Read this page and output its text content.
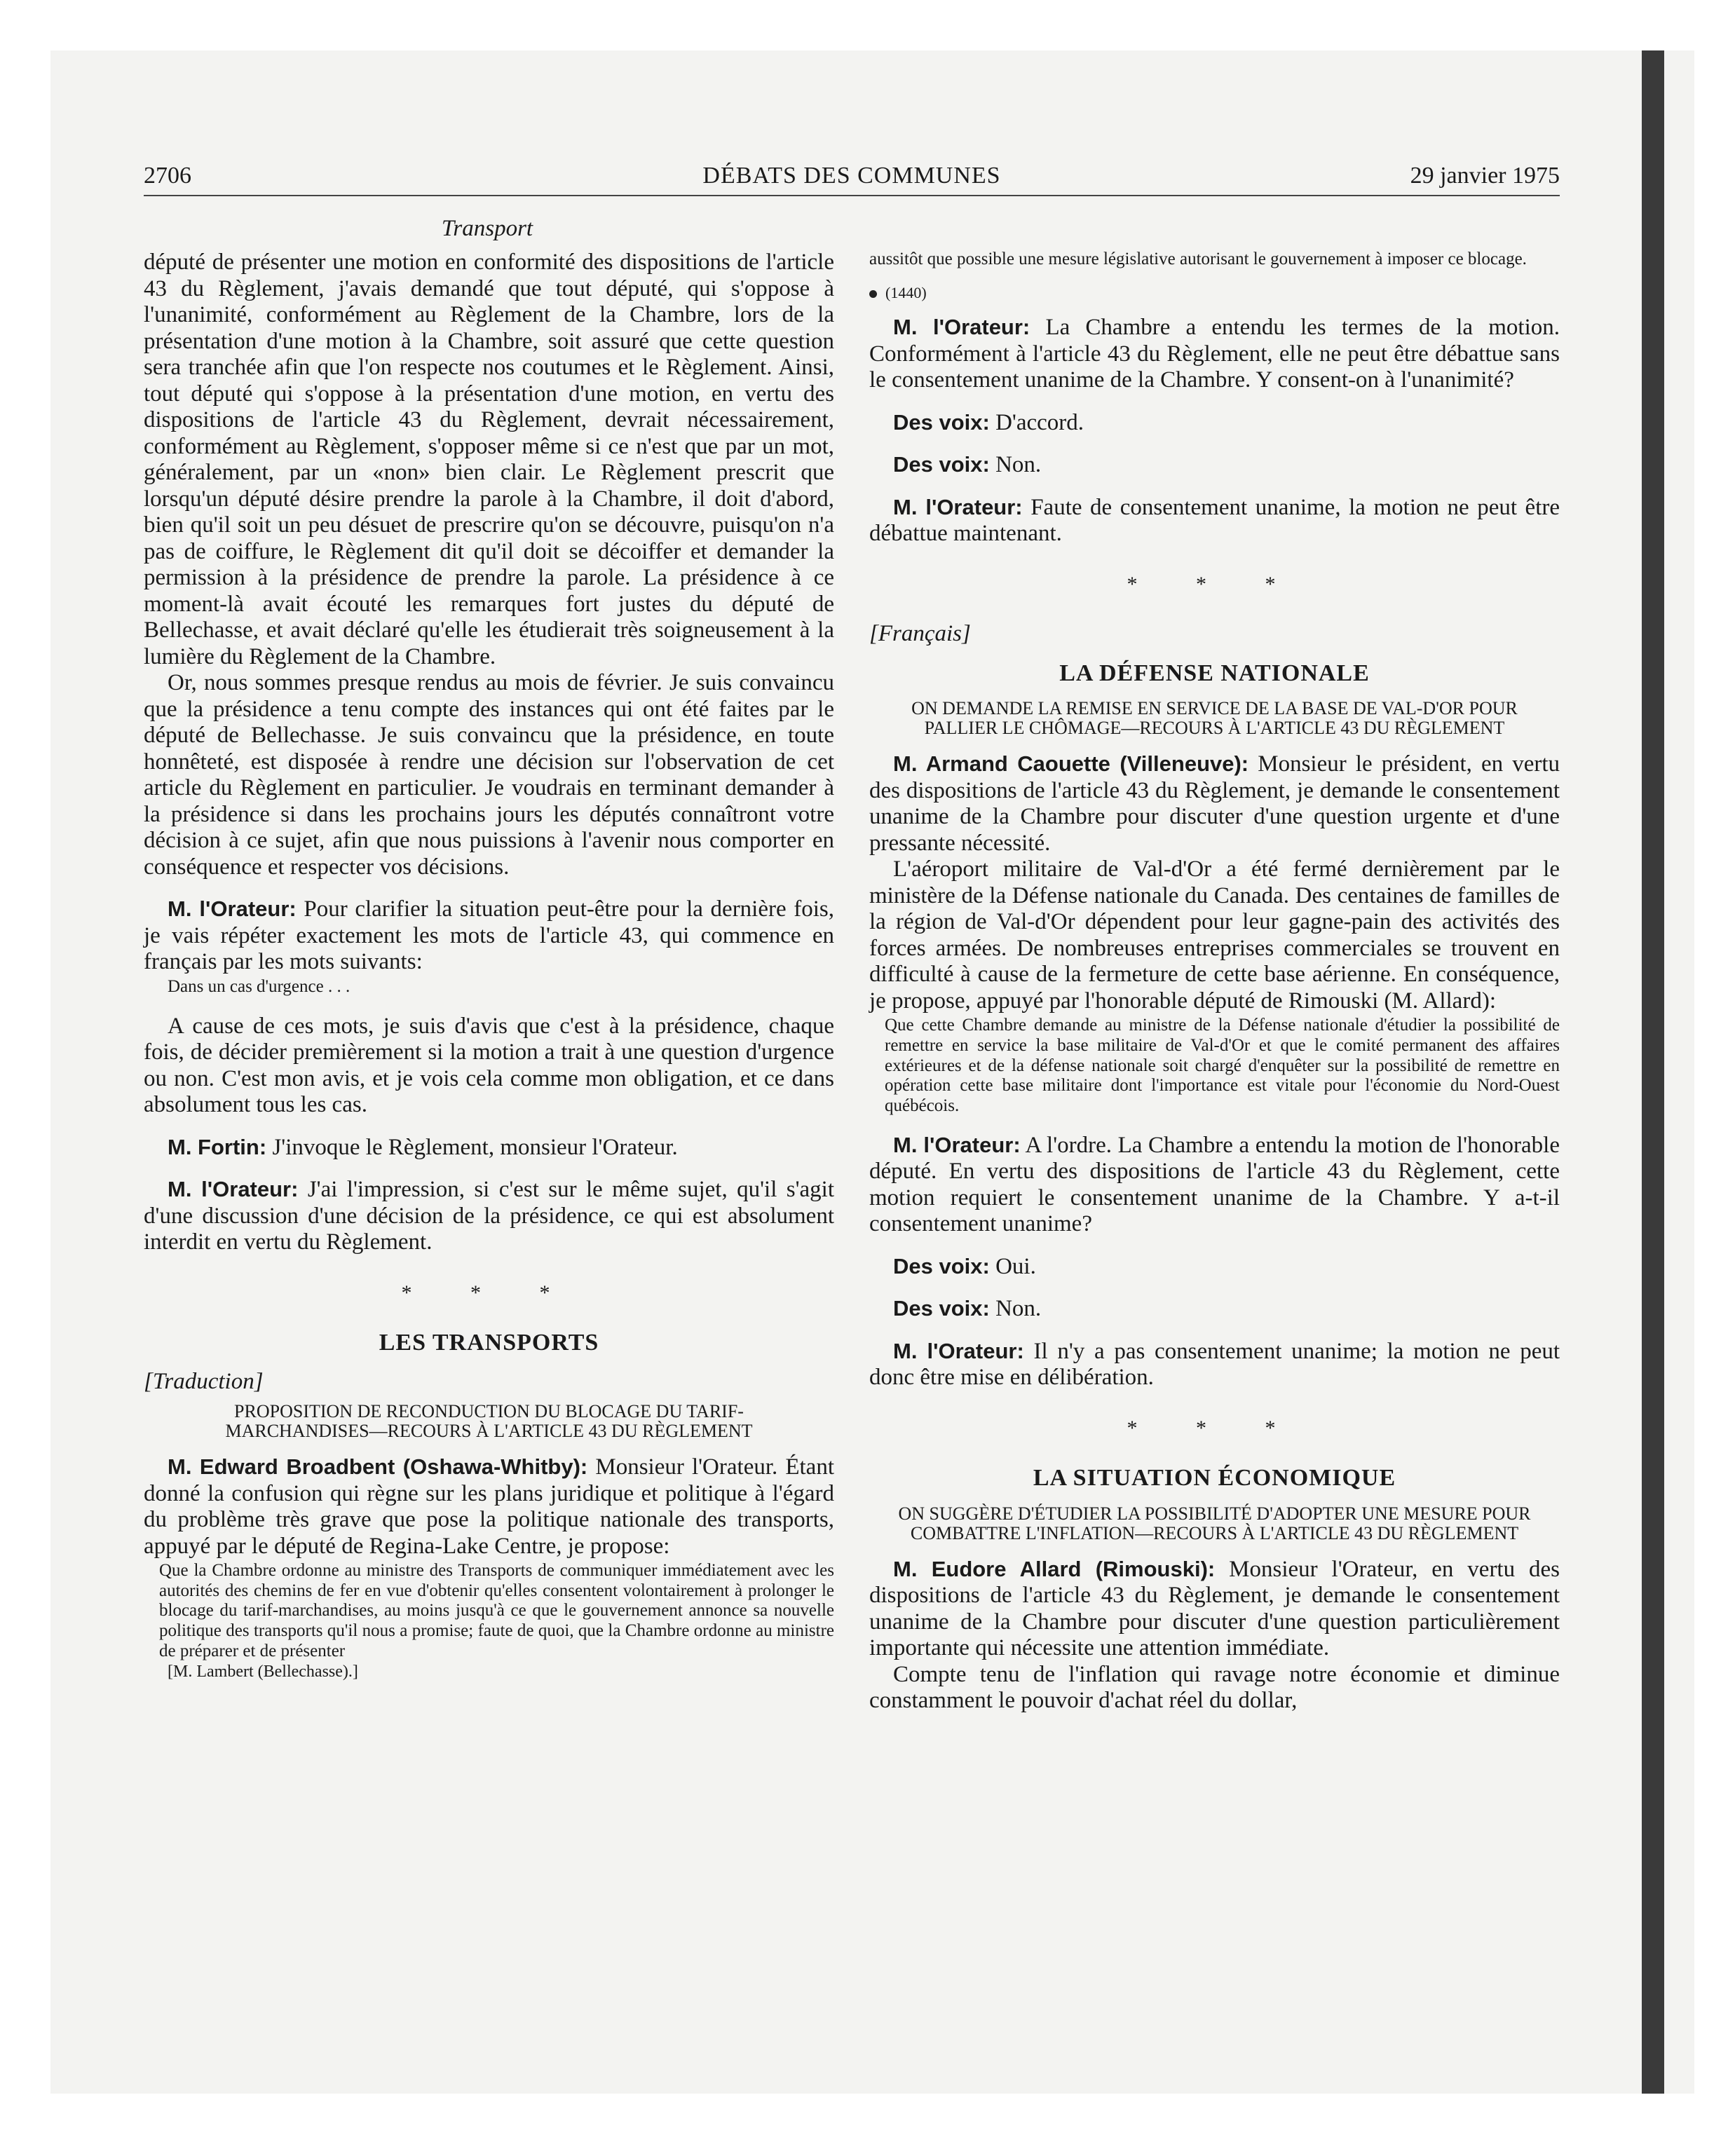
2706	DÉBATS DES COMMUNES	29 janvier 1975
Transport

député de présenter une motion en conformité des dispositions de l'article 43 du Règlement, j'avais demandé que tout député, qui s'oppose à l'unanimité, conformément au Règlement de la Chambre, lors de la présentation d'une motion à la Chambre, soit assuré que cette question sera tranchée afin que l'on respecte nos coutumes et le Règlement. Ainsi, tout député qui s'oppose à la présentation d'une motion, en vertu des dispositions de l'article 43 du Règlement, devrait nécessairement, conformément au Règlement, s'opposer même si ce n'est que par un mot, généralement, par un «non» bien clair. Le Règlement prescrit que lorsqu'un député désire prendre la parole à la Chambre, il doit d'abord, bien qu'il soit un peu désuet de prescrire qu'on se découvre, puisqu'on n'a pas de coiffure, le Règlement dit qu'il doit se décoiffer et demander la permission à la présidence de prendre la parole. La présidence à ce moment-là avait écouté les remarques fort justes du député de Bellechasse, et avait déclaré qu'elle les étudierait très soigneusement à la lumière du Règlement de la Chambre.

Or, nous sommes presque rendus au mois de février. Je suis convaincu que la présidence a tenu compte des instances qui ont été faites par le député de Bellechasse. Je suis convaincu que la présidence, en toute honnêteté, est disposée à rendre une décision sur l'observation de cet article du Règlement en particulier. Je voudrais en terminant demander à la présidence si dans les prochains jours les députés connaîtront votre décision à ce sujet, afin que nous puissions à l'avenir nous comporter en conséquence et respecter vos décisions.

M. l'Orateur: Pour clarifier la situation peut-être pour la dernière fois, je vais répéter exactement les mots de l'article 43, qui commence en français par les mots suivants:

Dans un cas d'urgence . . .

A cause de ces mots, je suis d'avis que c'est à la présidence, chaque fois, de décider premièrement si la motion a trait à une question d'urgence ou non. C'est mon avis, et je vois cela comme mon obligation, et ce dans absolument tous les cas.

M. Fortin: J'invoque le Règlement, monsieur l'Orateur.

M. l'Orateur: J'ai l'impression, si c'est sur le même sujet, qu'il s'agit d'une discussion d'une décision de la présidence, ce qui est absolument interdit en vertu du Règlement.

* * *
LES TRANSPORTS
[Traduction]
PROPOSITION DE RECONDUCTION DU BLOCAGE DU TARIF-MARCHANDISES—RECOURS À L'ARTICLE 43 DU RÈGLEMENT

M. Edward Broadbent (Oshawa-Whitby): Monsieur l'Orateur. Étant donné la confusion qui règne sur les plans juridique et politique à l'égard du problème très grave que pose la politique nationale des transports, appuyé par le député de Regina-Lake Centre, je propose:

Que la Chambre ordonne au ministre des Transports de communiquer immédiatement avec les autorités des chemins de fer en vue d'obtenir qu'elles consentent volontairement à prolonger le blocage du tarif-marchandises, au moins jusqu'à ce que le gouvernement annonce sa nouvelle politique des transports qu'il nous a promise; faute de quoi, que la Chambre ordonne au ministre de préparer et de présenter

[M. Lambert (Bellechasse).]

aussitôt que possible une mesure législative autorisant le gouvernement à imposer ce blocage.

(1440)

M. l'Orateur: La Chambre a entendu les termes de la motion. Conformément à l'article 43 du Règlement, elle ne peut être débattue sans le consentement unanime de la Chambre. Y consent-on à l'unanimité?

Des voix: D'accord.

Des voix: Non.

M. l'Orateur: Faute de consentement unanime, la motion ne peut être débattue maintenant.

* * *
[Français]
LA DÉFENSE NATIONALE
ON DEMANDE LA REMISE EN SERVICE DE LA BASE DE VAL-D'OR POUR PALLIER LE CHÔMAGE—RECOURS À L'ARTICLE 43 DU RÈGLEMENT

M. Armand Caouette (Villeneuve): Monsieur le président, en vertu des dispositions de l'article 43 du Règlement, je demande le consentement unanime de la Chambre pour discuter d'une question urgente et d'une pressante nécessité.

L'aéroport militaire de Val-d'Or a été fermé dernièrement par le ministère de la Défense nationale du Canada. Des centaines de familles de la région de Val-d'Or dépendent pour leur gagne-pain des activités des forces armées. De nombreuses entreprises commerciales se trouvent en difficulté à cause de la fermeture de cette base aérienne. En conséquence, je propose, appuyé par l'honorable député de Rimouski (M. Allard):

Que cette Chambre demande au ministre de la Défense nationale d'étudier la possibilité de remettre en service la base militaire de Val-d'Or et que le comité permanent des affaires extérieures et de la défense nationale soit chargé d'enquêter sur la possibilité de remettre en opération cette base militaire dont l'importance est vitale pour l'économie du Nord-Ouest québécois.

M. l'Orateur: A l'ordre. La Chambre a entendu la motion de l'honorable député. En vertu des dispositions de l'article 43 du Règlement, cette motion requiert le consentement unanime de la Chambre. Y a-t-il consentement unanime?

Des voix: Oui.

Des voix: Non.

M. l'Orateur: Il n'y a pas consentement unanime; la motion ne peut donc être mise en délibération.

* * *
LA SITUATION ÉCONOMIQUE
ON SUGGÈRE D'ÉTUDIER LA POSSIBILITÉ D'ADOPTER UNE MESURE POUR COMBATTRE L'INFLATION—RECOURS À L'ARTICLE 43 DU RÈGLEMENT

M. Eudore Allard (Rimouski): Monsieur l'Orateur, en vertu des dispositions de l'article 43 du Règlement, je demande le consentement unanime de la Chambre pour discuter d'une question particulièrement importante qui nécessite une attention immédiate.

Compte tenu de l'inflation qui ravage notre économie et diminue constamment le pouvoir d'achat réel du dollar,
